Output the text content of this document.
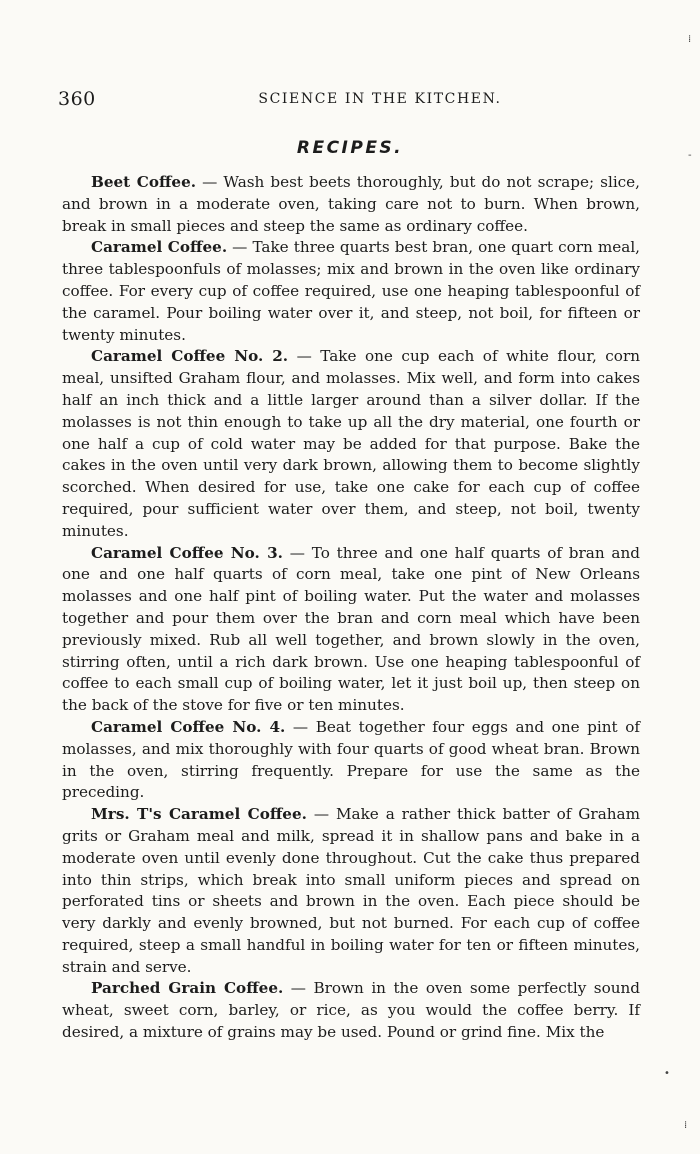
360	SCIENCE IN THE KITCHEN.
RECIPES.

Beet Coffee. — Wash best beets thoroughly, but do not scrape; slice, and brown in a moderate oven, taking care not to burn. When brown, break in small pieces and steep the same as ordinary coffee.

Caramel Coffee. — Take three quarts best bran, one quart corn meal, three tablespoonfuls of molasses; mix and brown in the oven like ordinary coffee. For every cup of coffee required, use one heaping tablespoonful of the caramel. Pour boiling water over it, and steep, not boil, for fifteen or twenty minutes.

Caramel Coffee No. 2. — Take one cup each of white flour, corn meal, unsifted Graham flour, and molasses. Mix well, and form into cakes half an inch thick and a little larger around than a silver dollar. If the molasses is not thin enough to take up all the dry material, one fourth or one half a cup of cold water may be added for that purpose. Bake the cakes in the oven until very dark brown, allowing them to become slightly scorched. When desired for use, take one cake for each cup of coffee required, pour sufficient water over them, and steep, not boil, twenty minutes.

Caramel Coffee No. 3. — To three and one half quarts of bran and one and one half quarts of corn meal, take one pint of New Orleans molasses and one half pint of boiling water. Put the water and molasses together and pour them over the bran and corn meal which have been previously mixed. Rub all well together, and brown slowly in the oven, stirring often, until a rich dark brown. Use one heaping tablespoonful of coffee to each small cup of boiling water, let it just boil up, then steep on the back of the stove for five or ten minutes.

Caramel Coffee No. 4. — Beat together four eggs and one pint of molasses, and mix thoroughly with four quarts of good wheat bran. Brown in the oven, stirring frequently. Prepare for use the same as the preceding.

Mrs. T's Caramel Coffee. — Make a rather thick batter of Graham grits or Graham meal and milk, spread it in shallow pans and bake in a moderate oven until evenly done throughout. Cut the cake thus prepared into thin strips, which break into small uniform pieces and spread on perforated tins or sheets and brown in the oven. Each piece should be very darkly and evenly browned, but not burned. For each cup of coffee required, steep a small handful in boiling water for ten or fifteen minutes, strain and serve.

Parched Grain Coffee. — Brown in the oven some perfectly sound wheat, sweet corn, barley, or rice, as you would the coffee berry. If desired, a mixture of grains may be used. Pound or grind fine. Mix the

⁞
-
•
⁞
